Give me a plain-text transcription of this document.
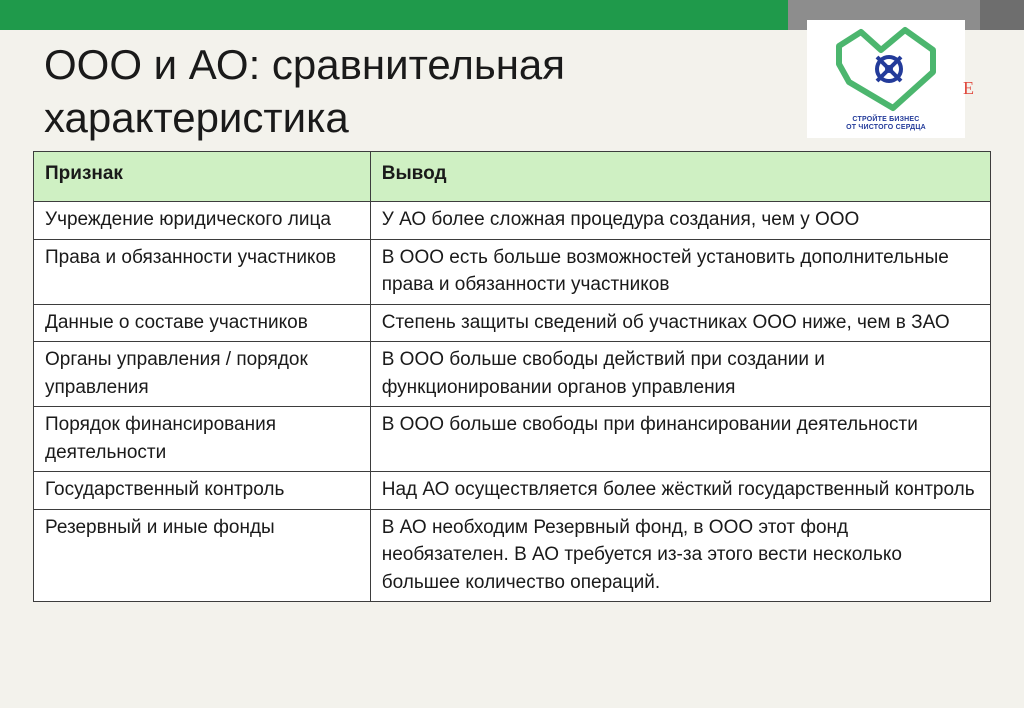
ООО и АО: сравнительная характеристика	СТРОЙТЕ БИЗНЕС
ОТ ЧИСТОГО СЕРДЦА
E
Признак	Вывод
Учреждение юридического лица	У АО более сложная процедура создания, чем у ООО
Права и обязанности участников	В ООО есть больше возможностей установить дополнительные права и обязанности участников
Данные о составе участников	Степень защиты сведений об участниках ООО ниже, чем в ЗАО
Органы управления / порядок управления	В ООО больше свободы действий при создании и функционировании органов управления
Порядок финансирования деятельности	В ООО больше свободы при финансировании деятельности
Государственный контроль	Над АО осуществляется более жёсткий государственный контроль
Резервный и иные фонды	В АО необходим Резервный фонд, в ООО этот фонд необязателен. В АО требуется из-за этого вести несколько большее количество операций.
